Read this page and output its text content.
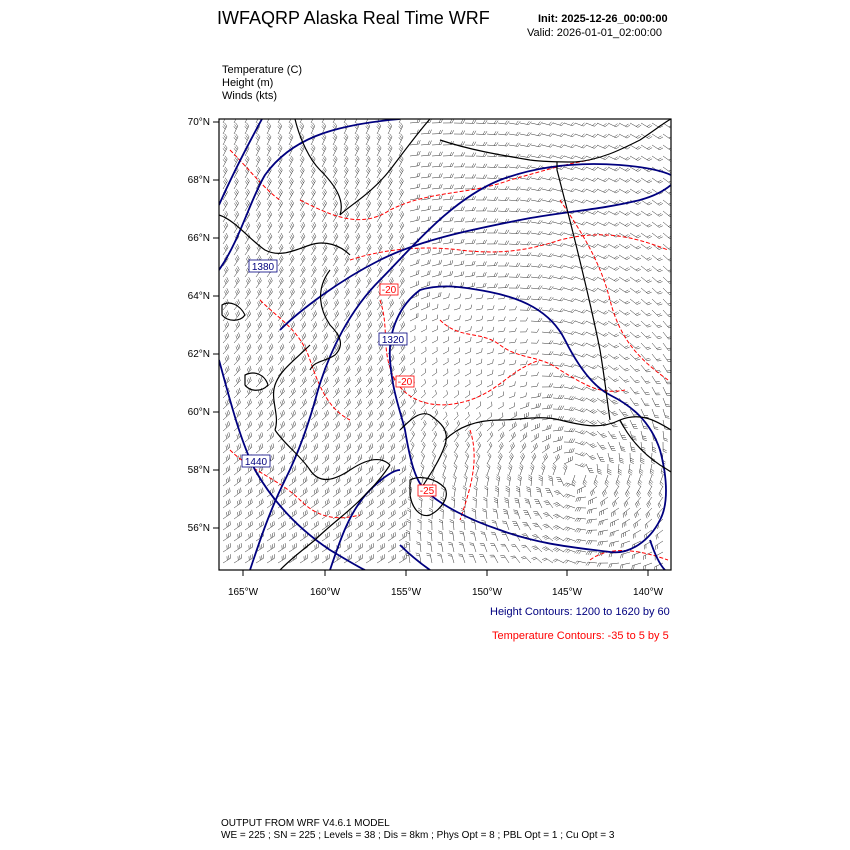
IWFAQRP Alaska Real Time WRF	Init: 2025-12-26_00:00:00
Valid: 2026-01-01_02:00:00
Temperature (C)
Height (m)
Winds (kts)
1380
1320
1440
-20
-20
-25
70°N
68°N
66°N
64°N
62°N
60°N
58°N
56°N
165°W	160°W	155°W	150°W	145°W	140°W
Height Contours: 1200 to 1620 by 60
Temperature Contours: -35 to 5 by 5
OUTPUT FROM WRF V4.6.1 MODEL
WE = 225 ; SN = 225 ; Levels = 38 ; Dis = 8km ; Phys Opt = 8 ; PBL Opt = 1 ; Cu Opt = 3
